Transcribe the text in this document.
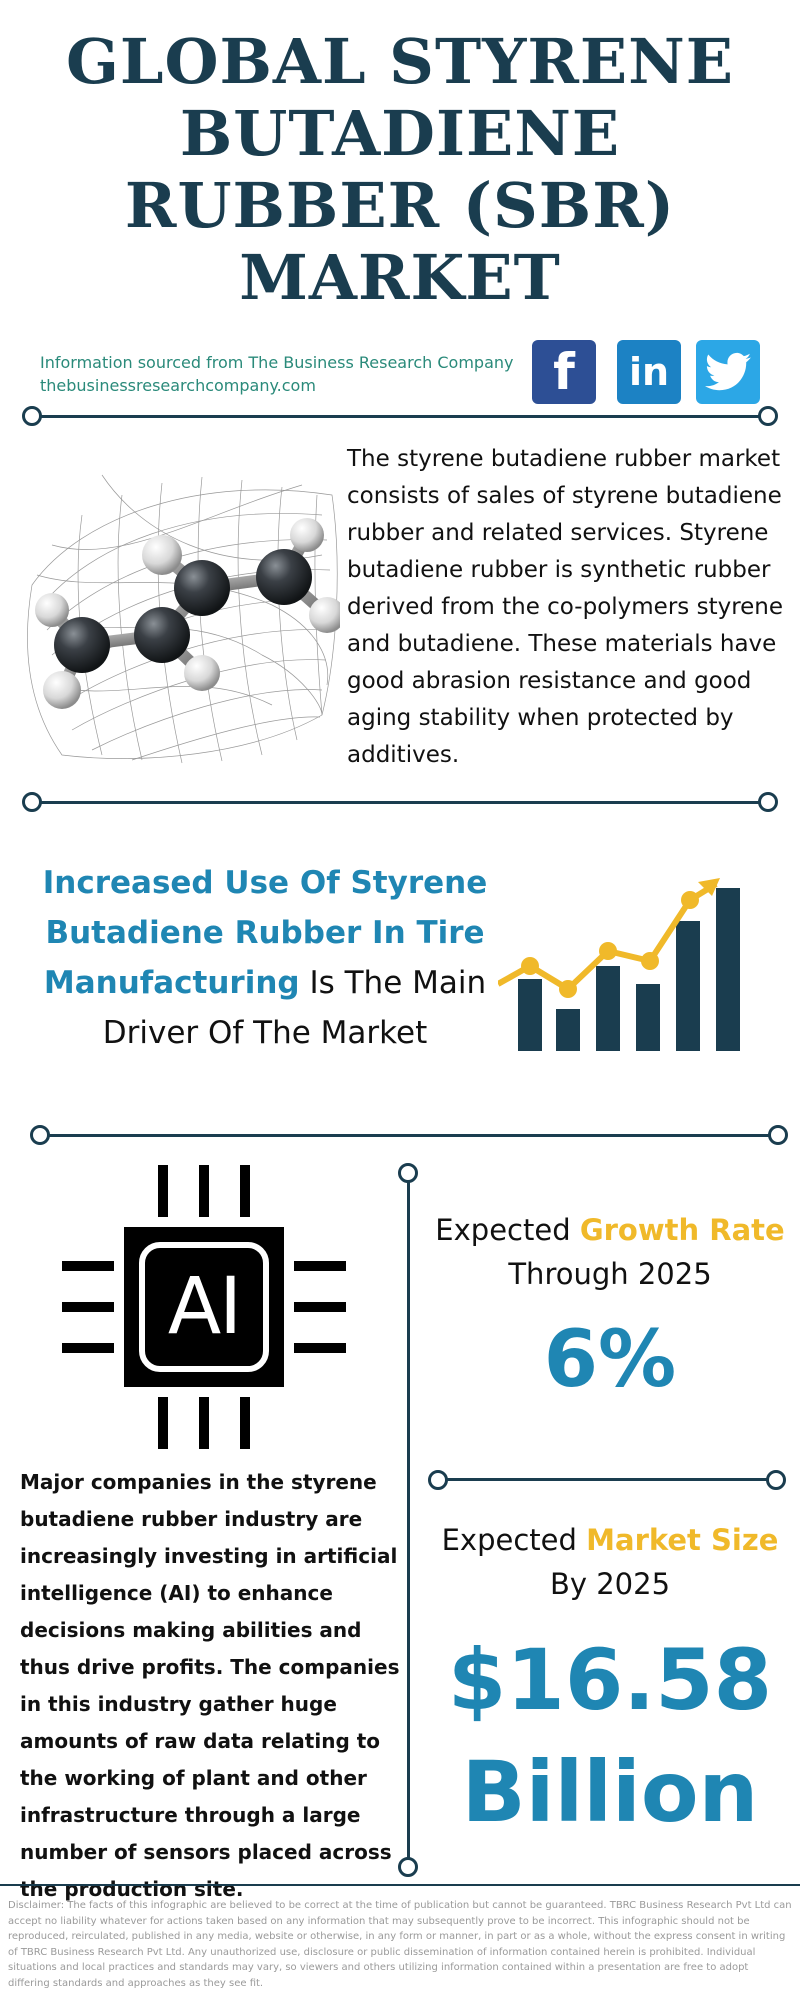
GLOBAL STYRENE BUTADIENE RUBBER (SBR) MARKET
Information sourced from The Business Research Company
thebusinessresearchcompany.com	f in

The styrene butadiene rubber market consists of sales of styrene butadiene rubber and related services. Styrene butadiene rubber is synthetic rubber derived from the co-polymers styrene and butadiene. These materials have good abrasion resistance and good aging stability when protected by additives.

Increased Use Of Styrene Butadiene Rubber In Tire Manufacturing Is The Main Driver Of The Market
AI

Major companies in the styrene butadiene rubber industry are increasingly investing in artificial intelligence (AI) to enhance decisions making abilities and thus drive profits. The companies in this industry gather huge amounts of raw data relating to the working of plant and other infrastructure through a large number of sensors placed across the production site.

Expected Growth Rate
Through 2025
6%
Expected Market Size
By 2025
$16.58
Billion
Disclaimer: The facts of this infographic are believed to be correct at the time of publication but cannot be guaranteed. TBRC Business Research Pvt Ltd can accept no liability whatever for actions taken based on any information that may subsequently prove to be incorrect. This infographic should not be reproduced, reirculated, published in any media, website or otherwise, in any form or manner, in part or as a whole, without the express consent in writing of TBRC Business Research Pvt Ltd. Any unauthorized use, disclosure or public dissemination of information contained herein is prohibited. Individual situations and local practices and standards may vary, so viewers and others utilizing information contained within a presentation are free to adopt differing standards and approaches as they see fit.
